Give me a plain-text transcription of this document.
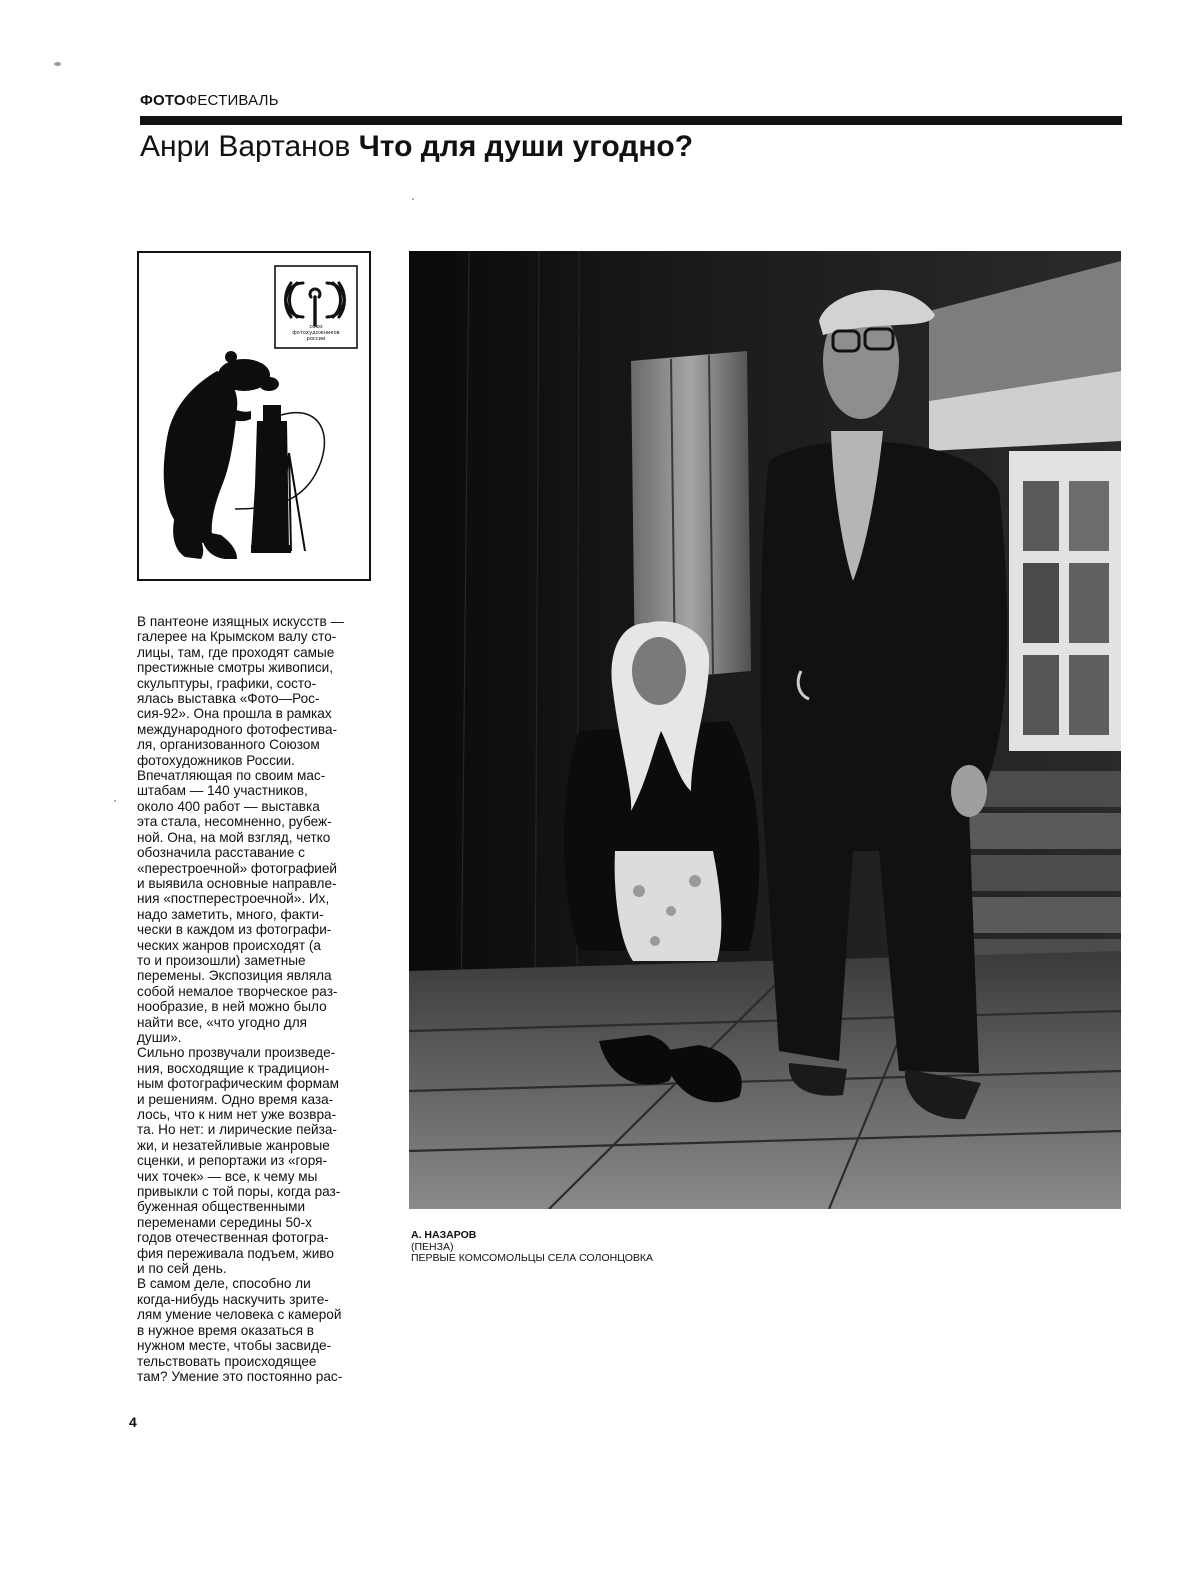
ФОТОФЕСТИВАЛЬ
Анри Вартанов Что для души угодно?
союз
фотохудожников
россии
В пантеоне изящных искусств —
галерее на Крымском валу сто-
лицы, там, где проходят самые
престижные смотры живописи,
скульптуры, графики, состо-
ялась выставка «Фото—Рос-
сия-92». Она прошла в рамках
международного фотофестива-
ля, организованного Союзом
фотохудожников России.
Впечатляющая по своим мас-
штабам — 140 участников,
около 400 работ — выставка
эта стала, несомненно, рубеж-
ной. Она, на мой взгляд, четко
обозначила расставание с
«перестроечной» фотографией
и выявила основные направле-
ния «постперестроечной». Их,
надо заметить, много, факти-
чески в каждом из фотографи-
ческих жанров происходят (а
то и произошли) заметные
перемены. Экспозиция являла
собой немалое творческое раз-
нообразие, в ней можно было
найти все, «что угодно для
души».
Сильно прозвучали произведе-
ния, восходящие к традицион-
ным фотографическим формам
и решениям. Одно время каза-
лось, что к ним нет уже возвра-
та. Но нет: и лирические пейза-
жи, и незатейливые жанровые
сценки, и репортажи из «горя-
чих точек» — все, к чему мы
привыкли с той поры, когда раз-
буженная общественными
переменами середины 50-х
годов отечественная фотогра-
фия переживала подъем, живо
и по сей день.
В самом деле, способно ли
когда-нибудь наскучить зрите-
лям умение человека с камерой
в нужное время оказаться в
нужном месте, чтобы засвиде-
тельствовать происходящее
там? Умение это постоянно рас-
А. НАЗАРОВ
(ПЕНЗА)
ПЕРВЫЕ КОМСОМОЛЬЦЫ СЕЛА СОЛОНЦОВКА
4
